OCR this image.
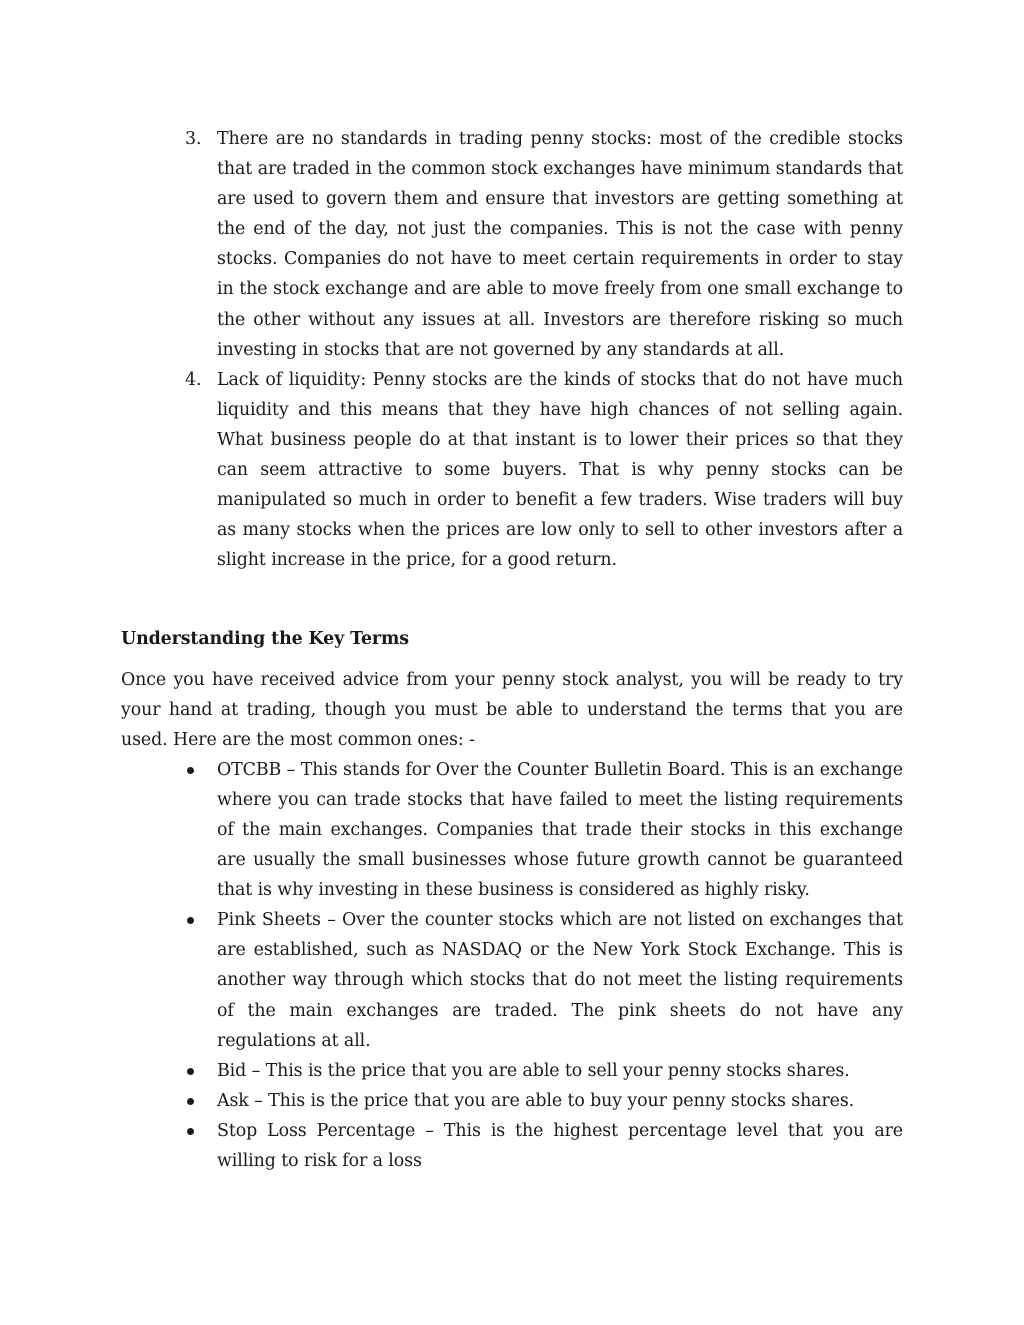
3. There are no standards in trading penny stocks: most of the credible stocks that are traded in the common stock exchanges have minimum standards that are used to govern them and ensure that investors are getting something at the end of the day, not just the companies. This is not the case with penny stocks. Companies do not have to meet certain requirements in order to stay in the stock exchange and are able to move freely from one small exchange to the other without any issues at all. Investors are therefore risking so much investing in stocks that are not governed by any standards at all.
4. Lack of liquidity: Penny stocks are the kinds of stocks that do not have much liquidity and this means that they have high chances of not selling again. What business people do at that instant is to lower their prices so that they can seem attractive to some buyers. That is why penny stocks can be manipulated so much in order to benefit a few traders. Wise traders will buy as many stocks when the prices are low only to sell to other investors after a slight increase in the price, for a good return.
Understanding the Key Terms

Once you have received advice from your penny stock analyst, you will be ready to try your hand at trading, though you must be able to understand the terms that you are used. Here are the most common ones: -

OTCBB – This stands for Over the Counter Bulletin Board. This is an exchange where you can trade stocks that have failed to meet the listing requirements of the main exchanges. Companies that trade their stocks in this exchange are usually the small businesses whose future growth cannot be guaranteed that is why investing in these business is considered as highly risky.
Pink Sheets – Over the counter stocks which are not listed on exchanges that are established, such as NASDAQ or the New York Stock Exchange. This is another way through which stocks that do not meet the listing requirements of the main exchanges are traded. The pink sheets do not have any regulations at all.
Bid – This is the price that you are able to sell your penny stocks shares.
Ask – This is the price that you are able to buy your penny stocks shares.
Stop Loss Percentage – This is the highest percentage level that you are willing to risk for a loss
